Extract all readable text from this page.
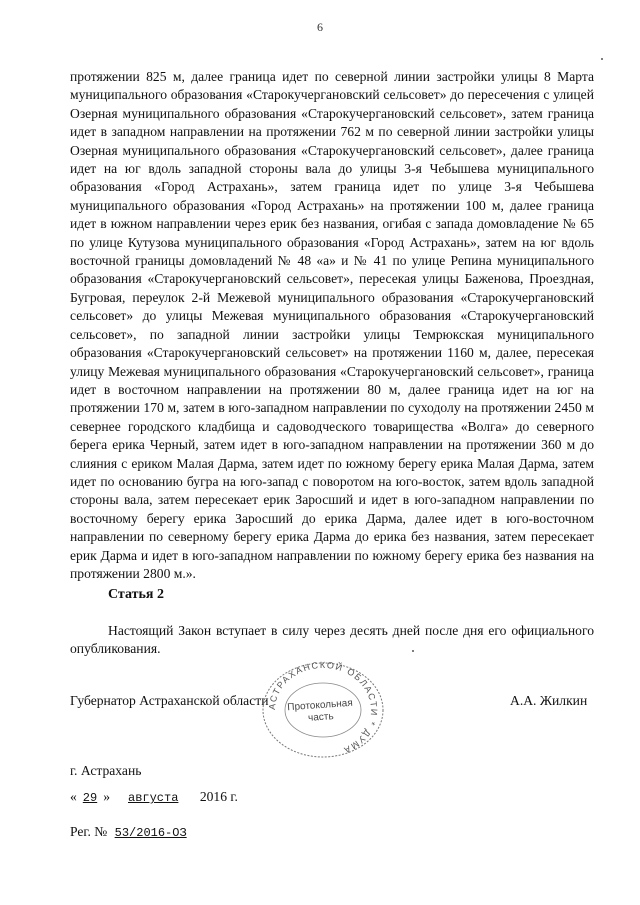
6

протяжении 825 м, далее граница идет по северной линии застройки улицы 8 Марта муниципального образования «Старокучергановский сельсовет» до пересечения с улицей Озерная муниципального образования «Старокучергановский сельсовет», затем граница идет в западном направлении на протяжении 762 м по северной линии застройки улицы Озерная муниципального образования «Старокучергановский сельсовет», далее граница идет на юг вдоль западной стороны вала до улицы 3-я Чебышева муниципального образования «Город Астрахань», затем граница идет по улице 3-я Чебышева муниципального образования «Город Астрахань» на протяжении 100 м, далее граница идет в южном направлении через ерик без названия, огибая с запада домовладение № 65 по улице Кутузова муниципального образования «Город Астрахань», затем на юг вдоль восточной границы домовладений № 48 «а» и № 41 по улице Репина муниципального образования «Старокучергановский сельсовет», пересекая улицы Баженова, Проездная, Бугровая, переулок 2-й Межевой муниципального образования «Старокучергановский сельсовет» до улицы Межевая муниципального образования «Старокучергановский сельсовет», по западной линии застройки улицы Темрюкская муниципального образования «Старокучергановский сельсовет» на протяжении 1160 м, далее, пересекая улицу Межевая муниципального образования «Старокучергановский сельсовет», граница идет в восточном направлении на протяжении 80 м, далее граница идет на юг на протяжении 170 м, затем в юго-западном направлении по суходолу на протяжении 2450 м севернее городского кладбища и садоводческого товарищества «Волга» до северного берега ерика Черный, затем идет в юго-западном направлении на протяжении 360 м до слияния с ериком Малая Дарма, затем идет по южному берегу ерика Малая Дарма, затем идет по основанию бугра на юго-запад с поворотом на юго-восток, затем вдоль западной стороны вала, затем пересекает ерик Заросший и идет в юго-западном направлении по восточному берегу ерика Заросший до ерика Дарма, далее идет в юго-восточном направлении по северному берегу ерика Дарма до ерика без названия, затем пересекает ерик Дарма и идет в юго-западном направлении по южному берегу ерика без названия на протяжении 2800 м.».

Статья 2
Настоящий Закон вступает в силу через десять дней после дня его официального опубликования.
Губернатор Астраханской области	А.А. Жилкин
АСТРАХАНСКОЙ ОБЛАСТИ * ДУМА
Протокольная часть
г. Астрахань
« 29 » августа 2016 г.
Рег. № 53/2016-ОЗ
